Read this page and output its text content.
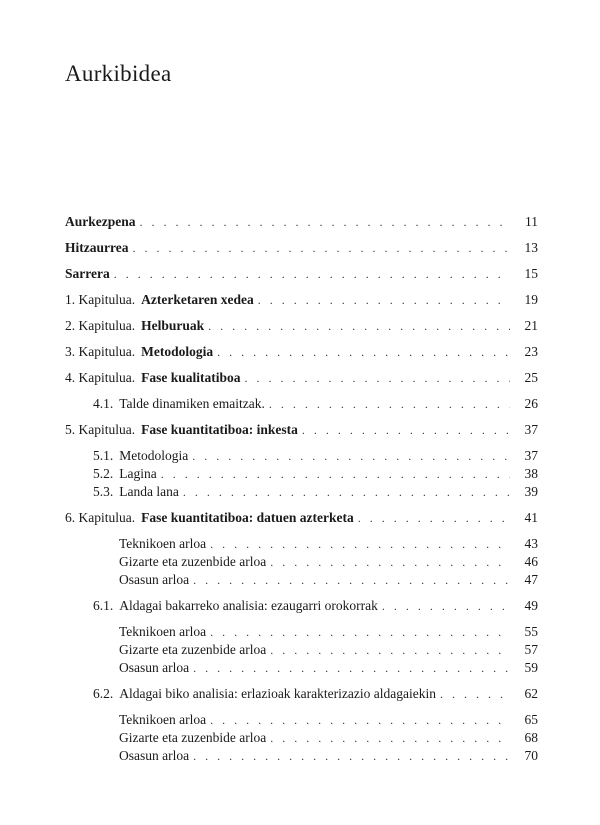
Aurkibidea
Aurkezpena . . .	11
Hitzaurrea . . .	13
Sarrera . . .	15
1. Kapitulua. Azterketaren xedea . . .	19
2. Kapitulua. Helburuak . . .	21
3. Kapitulua. Metodologia . . .	23
4. Kapitulua. Fase kualitatiboa . . .	25
4.1. Talde dinamiken emaitzak. . . .	26
5. Kapitulua. Fase kuantitatiboa: inkesta . . .	37
5.1. Metodologia . . .	37
5.2. Lagina . . .	38
5.3. Landa lana . . .	39
6. Kapitulua. Fase kuantitatiboa: datuen azterketa . . .	41
Teknikoen arloa . . .	43
Gizarte eta zuzenbide arloa . . .	46
Osasun arloa . . .	47
6.1. Aldagai bakarreko analisia: ezaugarri orokorrak . . .	49
Teknikoen arloa . . .	55
Gizarte eta zuzenbide arloa . . .	57
Osasun arloa . . .	59
6.2. Aldagai biko analisia: erlazioak karakterizazio aldagaiekin . . .	62
Teknikoen arloa . . .	65
Gizarte eta zuzenbide arloa . . .	68
Osasun arloa . . .	70
